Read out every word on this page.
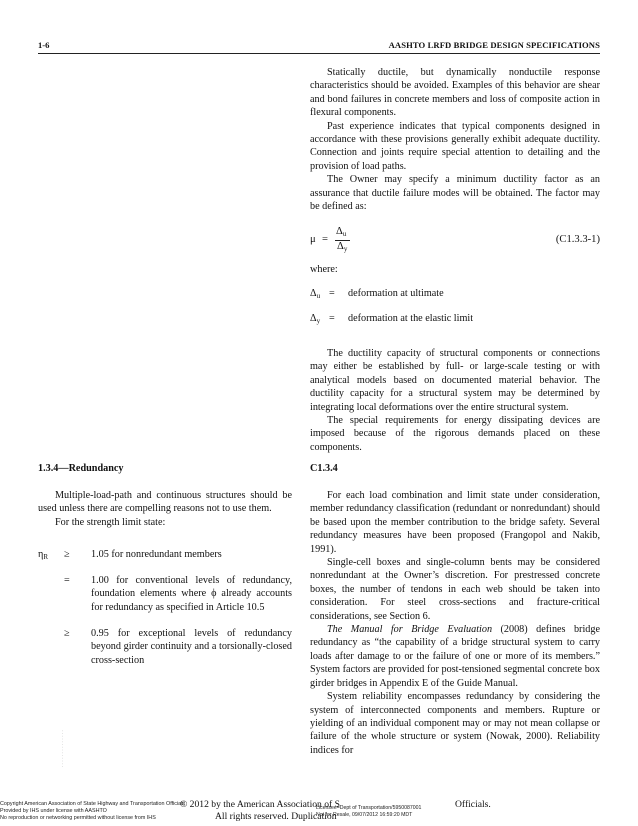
1-6	AASHTO LRFD BRIDGE DESIGN SPECIFICATIONS

Statically ductile, but dynamically nonductile response characteristics should be avoided. Examples of this behavior are shear and bond failures in concrete members and loss of composite action in flexural components.

Past experience indicates that typical components designed in accordance with these provisions generally exhibit adequate ductility. Connection and joints require special attention to detailing and the provision of load paths.

The Owner may specify a minimum ductility factor as an assurance that ductile failure modes will be obtained. The factor may be defined as:

μ =
$\Delta_u$
$\Delta_y$
(C1.3.3-1)
where:
$\Delta_u$ = deformation at ultimate
$\Delta_y$ = deformation at the elastic limit

The ductility capacity of structural components or connections may either be established by full- or large-scale testing or with analytical models based on documented material behavior. The ductility capacity for a structural system may be determined by integrating local deformations over the entire structural system.

The special requirements for energy dissipating devices are imposed because of the rigorous demands placed on these components.

1.3.4—Redundancy	C1.3.4

Multiple-load-path and continuous structures should be used unless there are compelling reasons not to use them.

For the strength limit state:

$\eta_R \ge 1.05$ for nonredundant members
= 1.00 for conventional levels of redundancy, foundation elements where ϕ already accounts for redundancy as specified in Article 10.5
≥ 0.95 for exceptional levels of redundancy beyond girder continuity and a torsionally-closed cross-section

For each load combination and limit state under consideration, member redundancy classification (redundant or nonredundant) should be based upon the member contribution to the bridge safety. Several redundancy measures have been proposed (Frangopol and Nakib, 1991).

Single-cell boxes and single-column bents may be considered nonredundant at the Owner’s discretion. For prestressed concrete boxes, the number of tendons in each web should be taken into consideration. For steel cross-sections and fracture-critical considerations, see Section 6.

The Manual for Bridge Evaluation (2008) defines bridge redundancy as “the capability of a bridge structural system to carry loads after damage to or the failure of one or more of its members.” System factors are provided for post-tensioned segmental concrete box girder bridges in Appendix E of the Guide Manual.

System reliability encompasses redundancy by considering the system of interconnected components and members. Rupture or yielding of an individual component may or may not mean collapse or failure of the whole structure or system (Nowak, 2000). Reliability indices for

- - - - - - - - - - - - - -
© 2012 by the American Association of S	Officials.
All rights reserved. Duplication
Copyright American Association of State Highway and Transportation Officials
Provided by IHS under license with AASHTO
No reproduction or networking permitted without license from IHS
Licensee=Dept of Transportation/5950087001
Not for Resale, 09/07/2012 16:59:20 MDT
